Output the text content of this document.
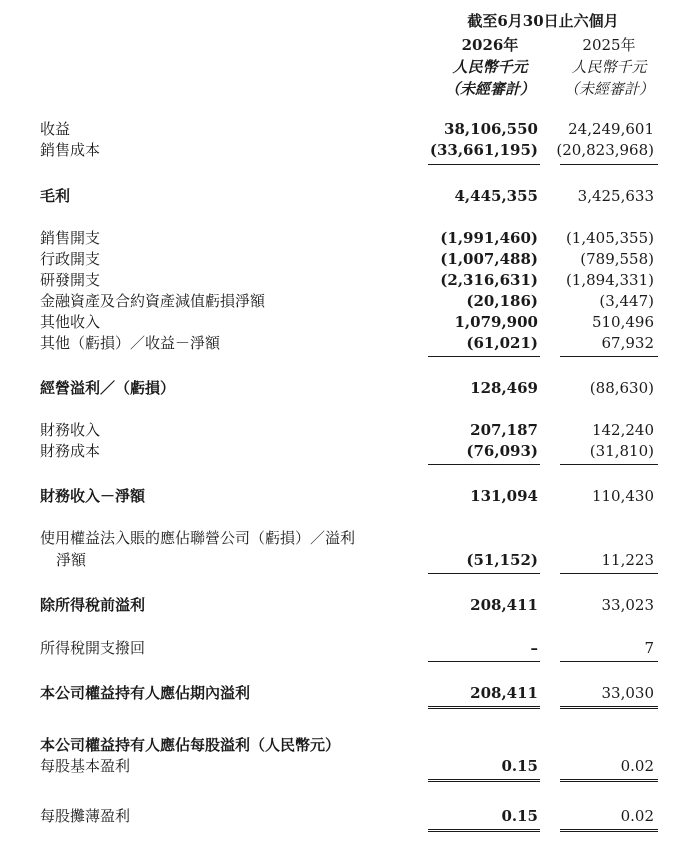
截至6月30日止六個月
2026年	2025年
人民幣千元	人民幣千元
（未經審計）	（未經審計）
收益	38,106,550 24,249,601
銷售成本	(33,661,195) (20,823,968)
毛利	4,445,355	3,425,633
銷售開支	(1,991,460) (1,405,355)
行政開支	(1,007,488)	(789,558)
研發開支	(2,316,631) (1,894,331)
金融資產及合約資產減值虧損淨額	(20,186)	(3,447)
其他收入	1,079,900	510,496
其他（虧損）／收益－淨額	(61,021)	67,932
經營溢利／（虧損）	128,469	(88,630)
財務收入	207,187	142,240
財務成本	(76,093)	(31,810)
財務收入－淨額	131,094	110,430
使用權益法入賬的應佔聯營公司（虧損）／溢利
淨額	(51,152)	11,223
除所得稅前溢利	208,411	33,023
所得稅開支撥回	–	7
本公司權益持有人應佔期內溢利	208,411	33,030
本公司權益持有人應佔每股溢利（人民幣元）
每股基本盈利	0.15	0.02
每股攤薄盈利	0.15	0.02
